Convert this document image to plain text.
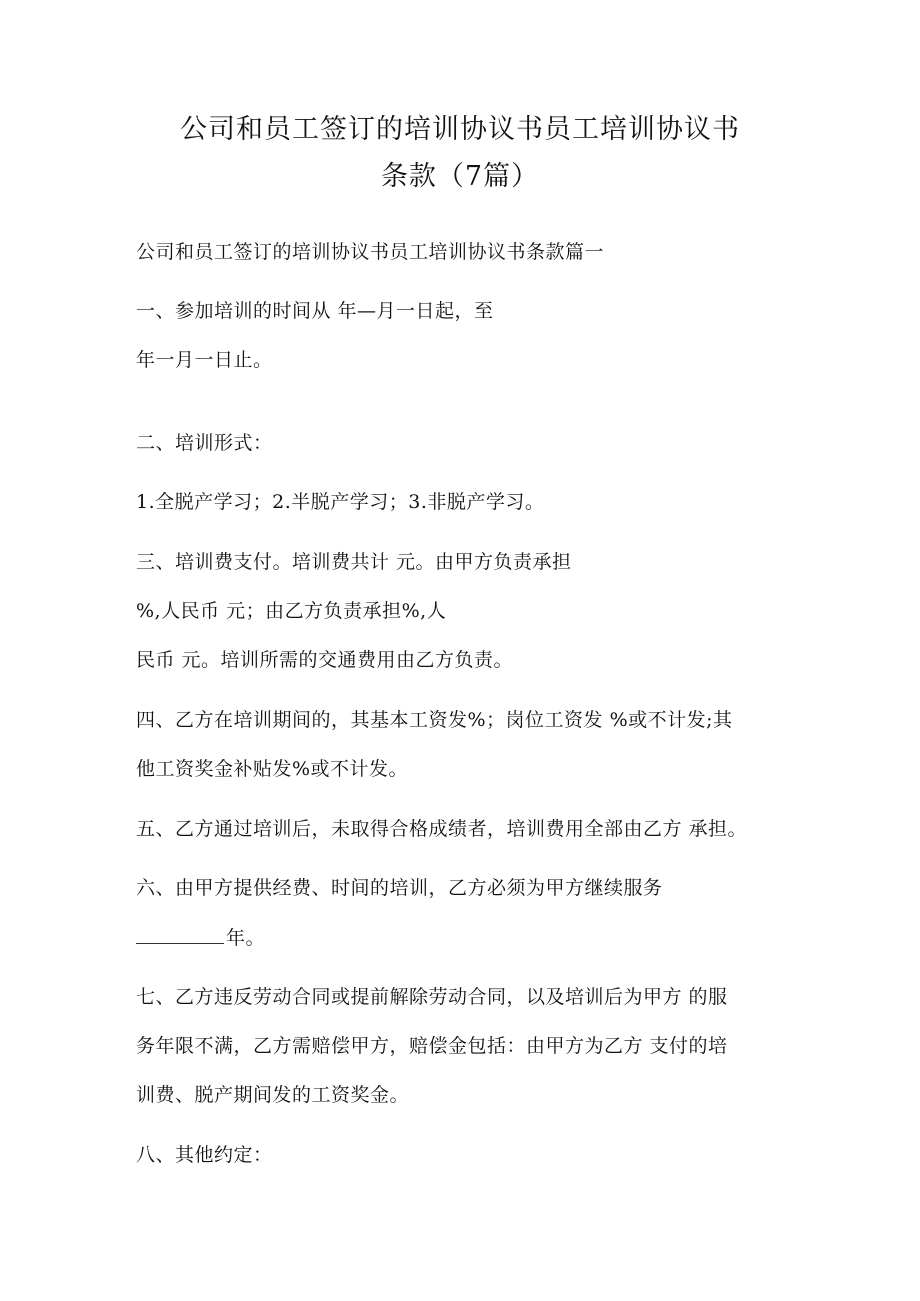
公司和员工签订的培训协议书员工培训协议书
条款（7篇）
公司和员工签订的培训协议书员工培训协议书条款篇一
一、参加培训的时间从 年—月一日起，至
年一月一日止。
二、培训形式：
1.全脱产学习；2.半脱产学习；3.非脱产学习。
三、培训费支付。培训费共计 元。由甲方负责承担
%,人民币 元；由乙方负责承担%,人
民币 元。培训所需的交通费用由乙方负责。
四、乙方在培训期间的，其基本工资发%；岗位工资发 %或不计发;其
他工资奖金补贴发%或不计发。
五、乙方通过培训后，未取得合格成绩者，培训费用全部由乙方 承担。
六、由甲方提供经费、时间的培训，乙方必须为甲方继续服务
年。
七、乙方违反劳动合同或提前解除劳动合同，以及培训后为甲方 的服
务年限不满，乙方需赔偿甲方，赔偿金包括：由甲方为乙方 支付的培
训费、脱产期间发的工资奖金。
八、其他约定：
